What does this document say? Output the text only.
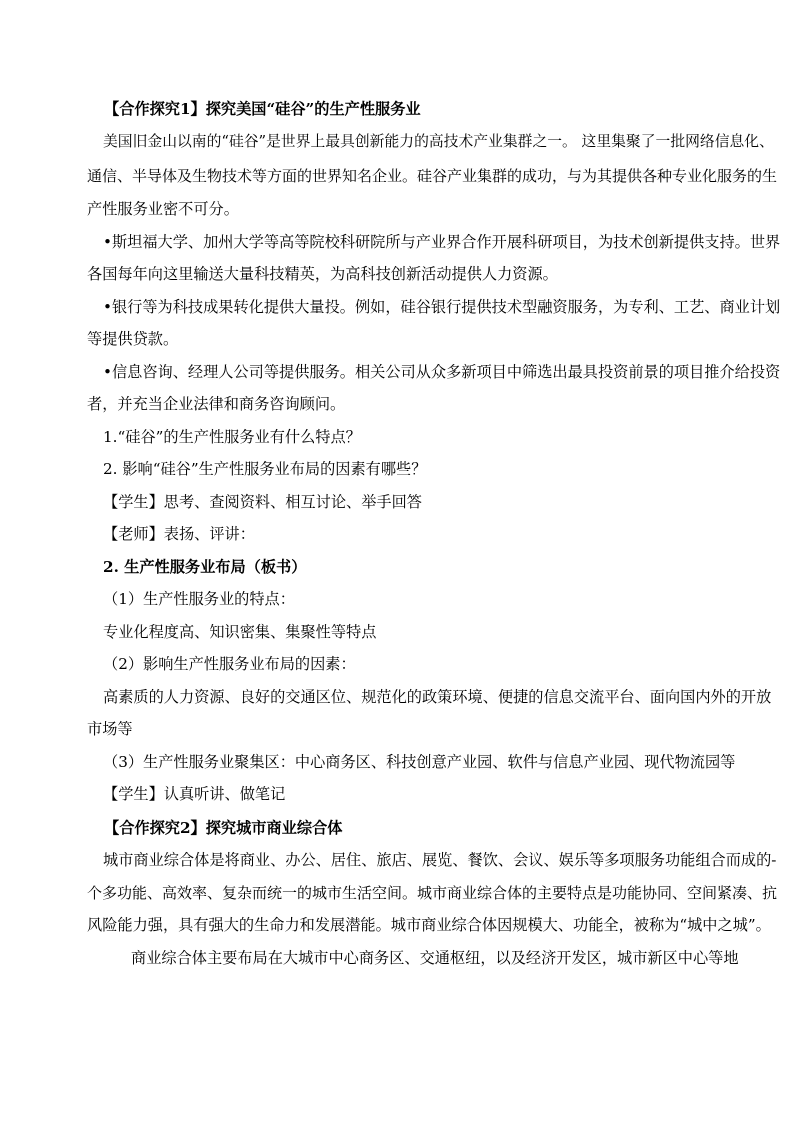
【合作探究1】探究美国“硅谷”的生产性服务业
美国旧金山以南的“硅谷”是世界上最具创新能力的高技术产业集群之一。 这里集聚了一批网络信息化、
通信、半导体及生物技术等方面的世界知名企业。硅谷产业集群的成功，与为其提供各种专业化服务的生
产性服务业密不可分。
•斯坦福大学、加州大学等高等院校科研院所与产业界合作开展科研项目，为技术创新提供支持。世界
各国每年向这里输送大量科技精英，为高科技创新活动提供人力资源。
•银行等为科技成果转化提供大量投。例如，硅谷银行提供技术型融资服务，为专利、工艺、商业计划
等提供贷款。
•信息咨询、经理人公司等提供服务。相关公司从众多新项目中筛选出最具投资前景的项目推介给投资
者，并充当企业法律和商务咨询顾问。
1.“硅谷”的生产性服务业有什么特点？
2. 影响“硅谷”生产性服务业布局的因素有哪些？
【学生】思考、查阅资料、相互讨论、举手回答
【老师】表扬、评讲：
2. 生产性服务业布局（板书）
（1）生产性服务业的特点：
专业化程度高、知识密集、集聚性等特点
（2）影响生产性服务业布局的因素：
高素质的人力资源、良好的交通区位、规范化的政策环境、便捷的信息交流平台、面向国内外的开放
市场等
（3）生产性服务业聚集区：中心商务区、科技创意产业园、软件与信息产业园、现代物流园等
【学生】认真听讲、做笔记
【合作探究2】探究城市商业综合体
城市商业综合体是将商业、办公、居住、旅店、展览、餐饮、会议、娱乐等多项服务功能组合而成的-
个多功能、高效率、复杂而统一的城市生活空间。城市商业综合体的主要特点是功能协同、空间紧凑、抗
风险能力强，具有强大的生命力和发展潜能。城市商业综合体因规模大、功能全，被称为“城中之城”。
商业综合体主要布局在大城市中心商务区、交通枢纽，以及经济开发区，城市新区中心等地
